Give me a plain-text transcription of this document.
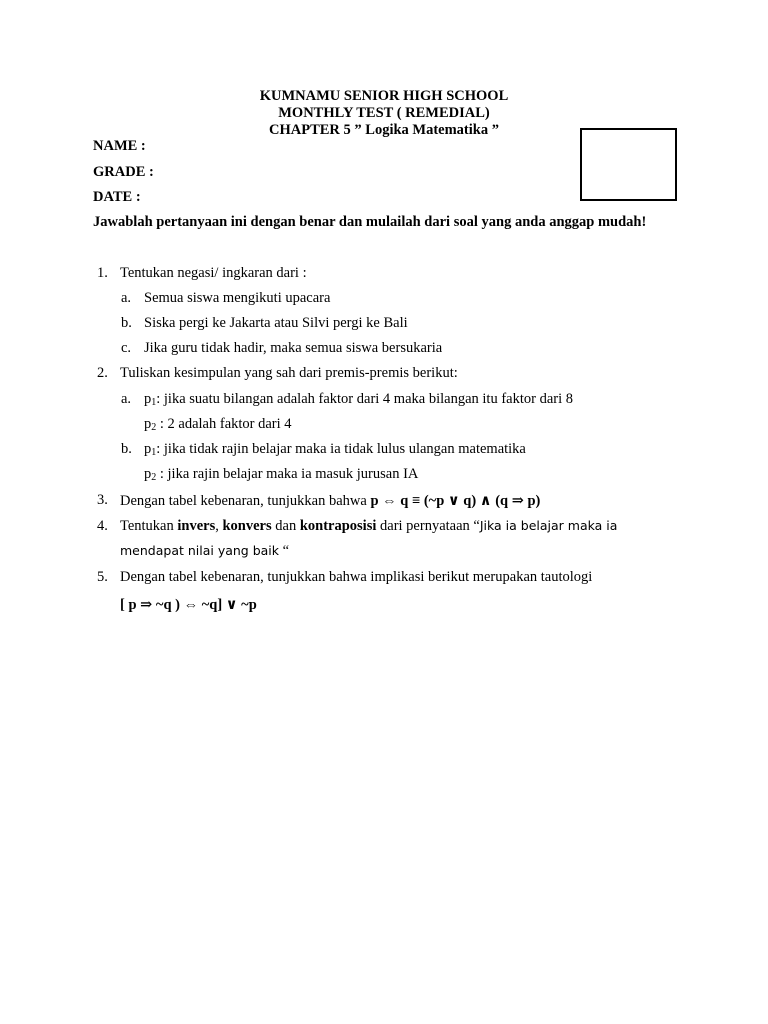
KUMNAMU SENIOR HIGH SCHOOL
MONTHLY TEST ( REMEDIAL)
CHAPTER 5 ” Logika Matematika ”
NAME :
GRADE :
DATE :
Jawablah pertanyaan ini dengan benar dan mulailah dari soal yang anda anggap mudah!
1. Tentukan negasi/ ingkaran dari :
a. Semua siswa mengikuti upacara
b. Siska pergi ke Jakarta atau Silvi pergi ke Bali
c. Jika guru tidak hadir, maka semua siswa bersukaria
2. Tuliskan kesimpulan yang sah dari premis-premis berikut:
a. $p_1$: jika suatu bilangan adalah faktor dari 4 maka bilangan itu faktor dari 8
$p_2$ : 2 adalah faktor dari 4
b. $p_1$: jika tidak rajin belajar maka ia tidak lulus ulangan matematika
$p_2$ : jika rajin belajar maka ia masuk jurusan IA
3. Dengan tabel kebenaran, tunjukkan bahwa p ⇔ q ≡ (~p ∨ q) ∧ (q ⇒ p)
4. Tentukan invers, konvers dan kontraposisi dari pernyataan “Jika ia belajar maka ia
mendapat nilai yang baik “
5. Dengan tabel kebenaran, tunjukkan bahwa implikasi berikut merupakan tautologi
[ p ⇒ ~q ) ⇔ ~q] ∨ ~p
